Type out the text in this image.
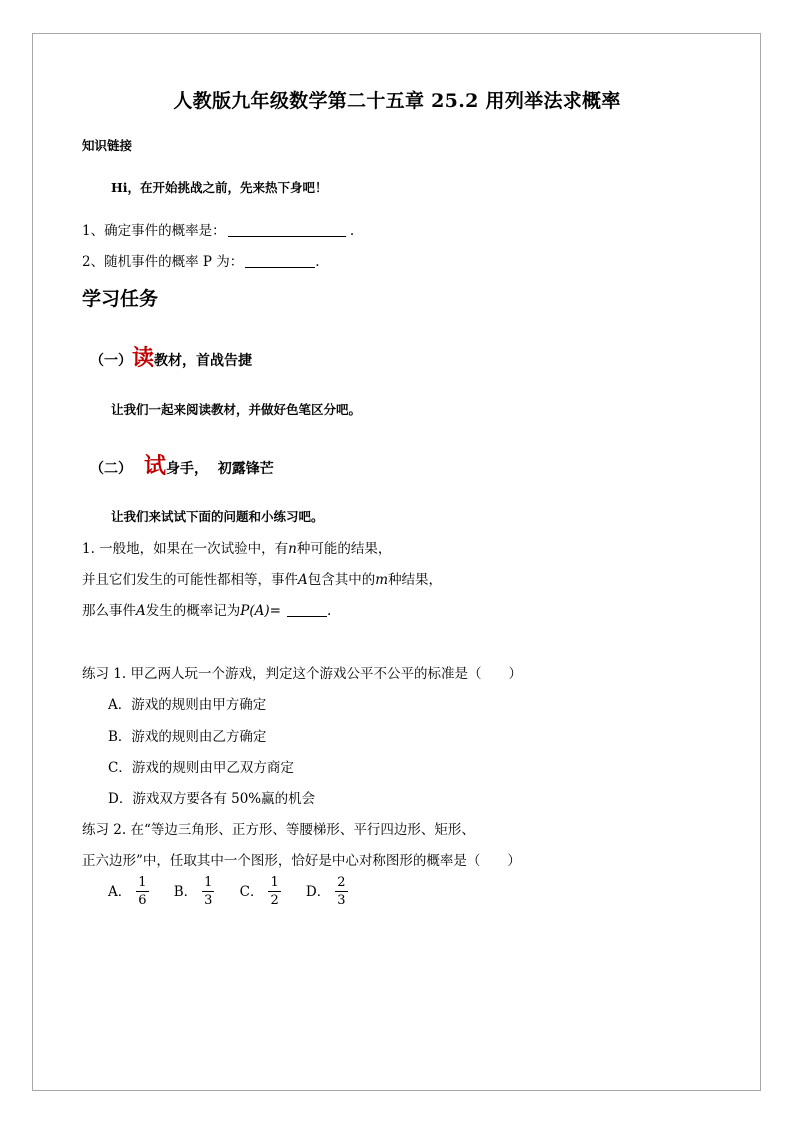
人教版九年级数学第二十五章 25.2 用列举法求概率
知识链接
Hi，在开始挑战之前，先来热下身吧！
1、确定事件的概率是：	.
2、随机事件的概率 P 为：	.
学习任务
（一）读教材，首战告捷
让我们一起来阅读教材，并做好色笔区分吧。
（二） 试身手，  初露锋芒
让我们来试试下面的问题和小练习吧。
1. 一般地，如果在一次试验中，有n种可能的结果，
并且它们发生的可能性都相等，事件A包含其中的m种结果，
那么事件A发生的概率记为P(A)=	.
练习 1. 甲乙两人玩一个游戏，判定这个游戏公平不公平的标准是（　　）
A．游戏的规则由甲方确定
B．游戏的规则由乙方确定
C．游戏的规则由甲乙双方商定
D．游戏双方要各有 50%赢的机会
练习 2. 在“等边三角形、正方形、等腰梯形、平行四边形、矩形、
正六边形”中，任取其中一个图形，恰好是中心对称图形的概率是（　　）
A． $\frac{1}{6}$ B． $\frac{1}{3}$ C． $\frac{1}{2}$ D． $\frac{2}{3}$
